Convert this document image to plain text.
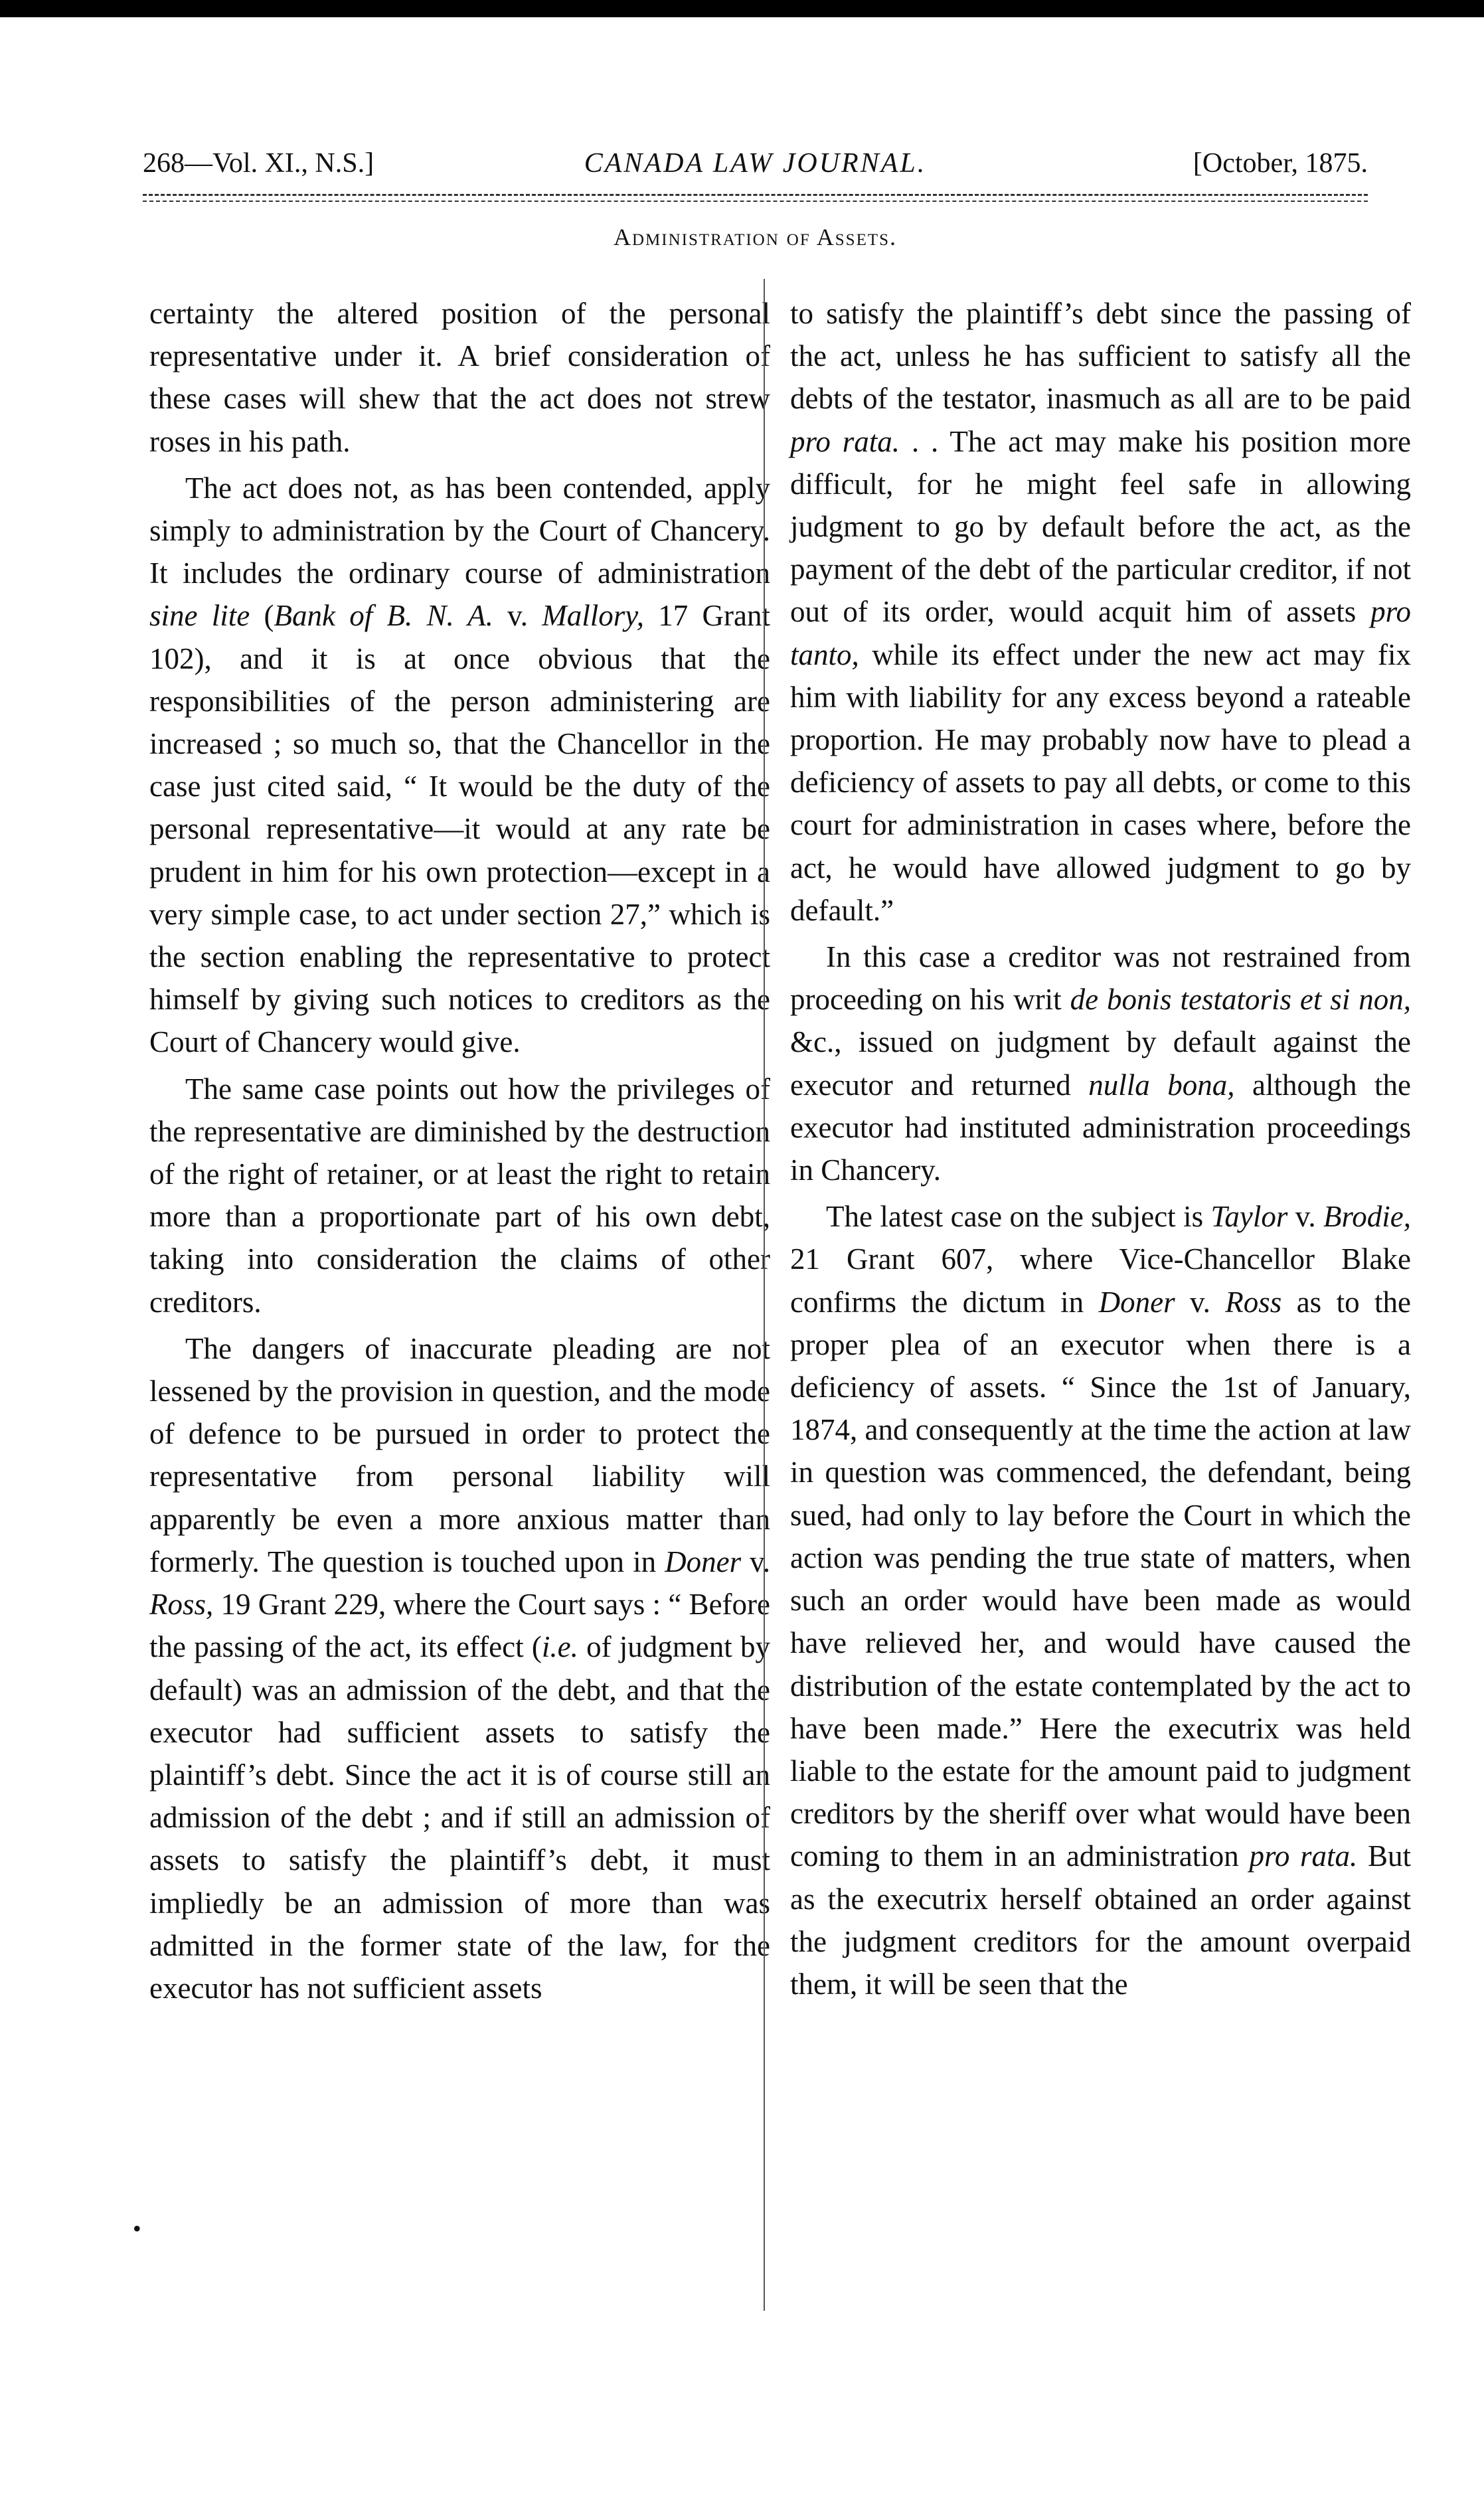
CANADA LAW JOURNAL.
268—Vol. XI., N.S.]	[October, 1875.
Administration of Assets.

certainty the altered position of the personal representative under it. A brief consideration of these cases will shew that the act does not strew roses in his path.

The act does not, as has been contended, apply simply to administration by the Court of Chancery. It includes the ordinary course of administration sine lite (Bank of B. N. A. v. Mallory, 17 Grant 102), and it is at once obvious that the responsibilities of the person administering are increased ; so much so, that the Chancellor in the case just cited said, “ It would be the duty of the personal representative—it would at any rate be prudent in him for his own protection—except in a very simple case, to act under section 27,” which is the section enabling the representative to protect himself by giving such notices to creditors as the Court of Chancery would give.

The same case points out how the privileges of the representative are diminished by the destruction of the right of retainer, or at least the right to retain more than a proportionate part of his own debt, taking into consideration the claims of other creditors.

The dangers of inaccurate pleading are not lessened by the provision in question, and the mode of defence to be pursued in order to protect the representative from personal liability will apparently be even a more anxious matter than formerly. The question is touched upon in Doner v. Ross, 19 Grant 229, where the Court says : “ Before the passing of the act, its effect (i.e. of judgment by default) was an admission of the debt, and that the executor had sufficient assets to satisfy the plaintiff’s debt. Since the act it is of course still an admission of the debt ; and if still an admission of assets to satisfy the plaintiff’s debt, it must impliedly be an admission of more than was admitted in the former state of the law, for the executor has not sufficient assets

to satisfy the plaintiff’s debt since the passing of the act, unless he has sufficient to satisfy all the debts of the testator, inasmuch as all are to be paid pro rata. . . The act may make his position more difficult, for he might feel safe in allowing judgment to go by default before the act, as the payment of the debt of the particular creditor, if not out of its order, would acquit him of assets pro tanto, while its effect under the new act may fix him with liability for any excess beyond a rateable proportion. He may probably now have to plead a deficiency of assets to pay all debts, or come to this court for administration in cases where, before the act, he would have allowed judgment to go by default.”

In this case a creditor was not restrained from proceeding on his writ de bonis testatoris et si non, &c., issued on judgment by default against the executor and returned nulla bona, although the executor had instituted administration proceedings in Chancery.

The latest case on the subject is Taylor v. Brodie, 21 Grant 607, where Vice-Chancellor Blake confirms the dictum in Doner v. Ross as to the proper plea of an executor when there is a deficiency of assets. “ Since the 1st of January, 1874, and consequently at the time the action at law in question was commenced, the defendant, being sued, had only to lay before the Court in which the action was pending the true state of matters, when such an order would have been made as would have relieved her, and would have caused the distribution of the estate contemplated by the act to have been made.” Here the executrix was held liable to the estate for the amount paid to judgment creditors by the sheriff over what would have been coming to them in an administration pro rata. But as the executrix herself obtained an order against the judgment creditors for the amount overpaid them, it will be seen that the

•
